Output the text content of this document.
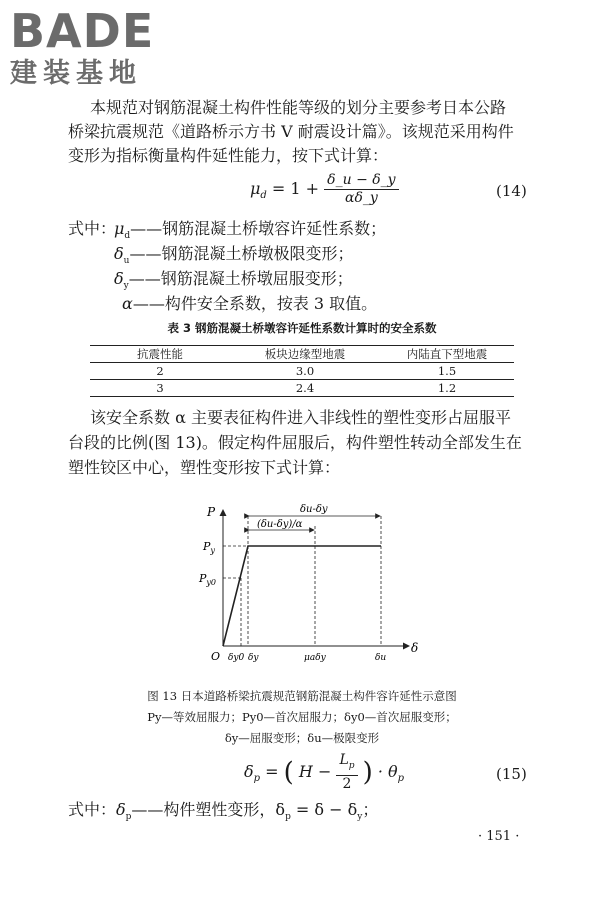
BADE
建装基地
本规范对钢筋混凝土构件性能等级的划分主要参考日本公路
桥梁抗震规范《道路桥示方书 V 耐震设计篇》。该规范采用构件
变形为指标衡量构件延性能力，按下式计算：
$\mu_d = 1 + \frac{\delta\_u - \delta\_y}{\alpha\delta\_y}$	(14)
式中：
$\mu_d——$钢筋混凝土桥墩容许延性系数；
$\delta_u——$钢筋混凝土桥墩极限变形；
$\delta_y——$钢筋混凝土桥墩屈服变形；
α——构件安全系数，按表 3 取值。
表 3 钢筋混凝土桥墩容许延性系数计算时的安全系数
抗震性能	板块边缘型地震	内陆直下型地震
2	3.0	1.5
3	2.4	1.2
该安全系数 α 主要表征构件进入非线性的塑性变形占屈服平
台段的比例(图 13)。假定构件屈服后，构件塑性转动全部发生在
塑性铰区中心，塑性变形按下式计算：
P
δ
O
$P_y$
$P_{y0}$
δu-δy
(δu-δy)/α
δy0 δy	μaδy	δu
图 13 日本道路桥梁抗震规范钢筋混凝土构件容许延性示意图
Py—等效屈服力；Py0—首次屈服力；δy0—首次屈服变形；
δy—屈服变形；δu—极限变形
$\delta_p$ = ( $H - \frac{L_p}{2}$ ) · $\theta_p$	(15)
式中：$\delta_p——$构件塑性变形，$\delta_p = \delta - \delta_y$；
· 151 ·
